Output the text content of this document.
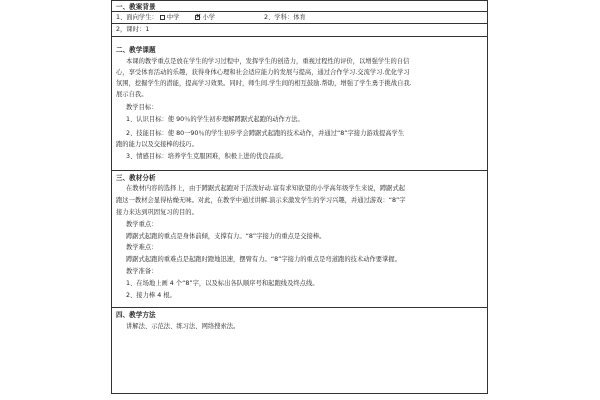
一、教案背景
1、面向学生： 中学  ×	小学	2、学科：体育
2，课时：1
二、教学课题
本课的教学重点是放在学生的学习过程中，发挥学生的创造力，重视过程性的评价，以增强学生的自信
心，享受体育活动的乐趣，获得身体心理和社会适应能力的发展与提高，通过合作学习.交流学习.优化学习
氛围，挖掘学生的潜能，提高学习效果。同时，师生间.学生间的相互鼓励.帮助，增强了学生勇于挑战自我.
展示自我。
教学目标：
1、认识目标：使 90％的学生初步理解蹲踞式起跑的动作方法。
2、技能目标：使 80一90％的学生初步学会蹲踞式起跑的技术动作，并通过“8”字接力游戏提高学生
跑的能力以及交接棒的技巧。
3、情感目标：培养学生克服困难，积极上进的优良品质。
三、教材分析
在教材内容的选择上，由于蹲踞式起跑对于活泼好动.富有求知欲望的小学高年级学生来说，蹲踞式起
跑这一教材会显得枯燥无味。对此，在教学中通过讲解.演示来激发学生的学习兴趣，并通过游戏：“8”字
接力来达到巩固复习的目的。
教学重点：
蹲踞式起跑的重点是身体前倾，支撑有力。“8”字接力的重点是交接棒。
教学难点：
蹲踞式起跑的重难点是起跑时蹬地迅速，摆臂有力。“8”字接力的重点是弯道跑的技术动作要掌握。
教学准备：
1、在场地上画 4 个“8”字，以及标出各队顺序号和起跑线及终点线。
2、接力棒 4 根。
四、教学方法
讲解法、示范法、练习法、网络搜索法。
